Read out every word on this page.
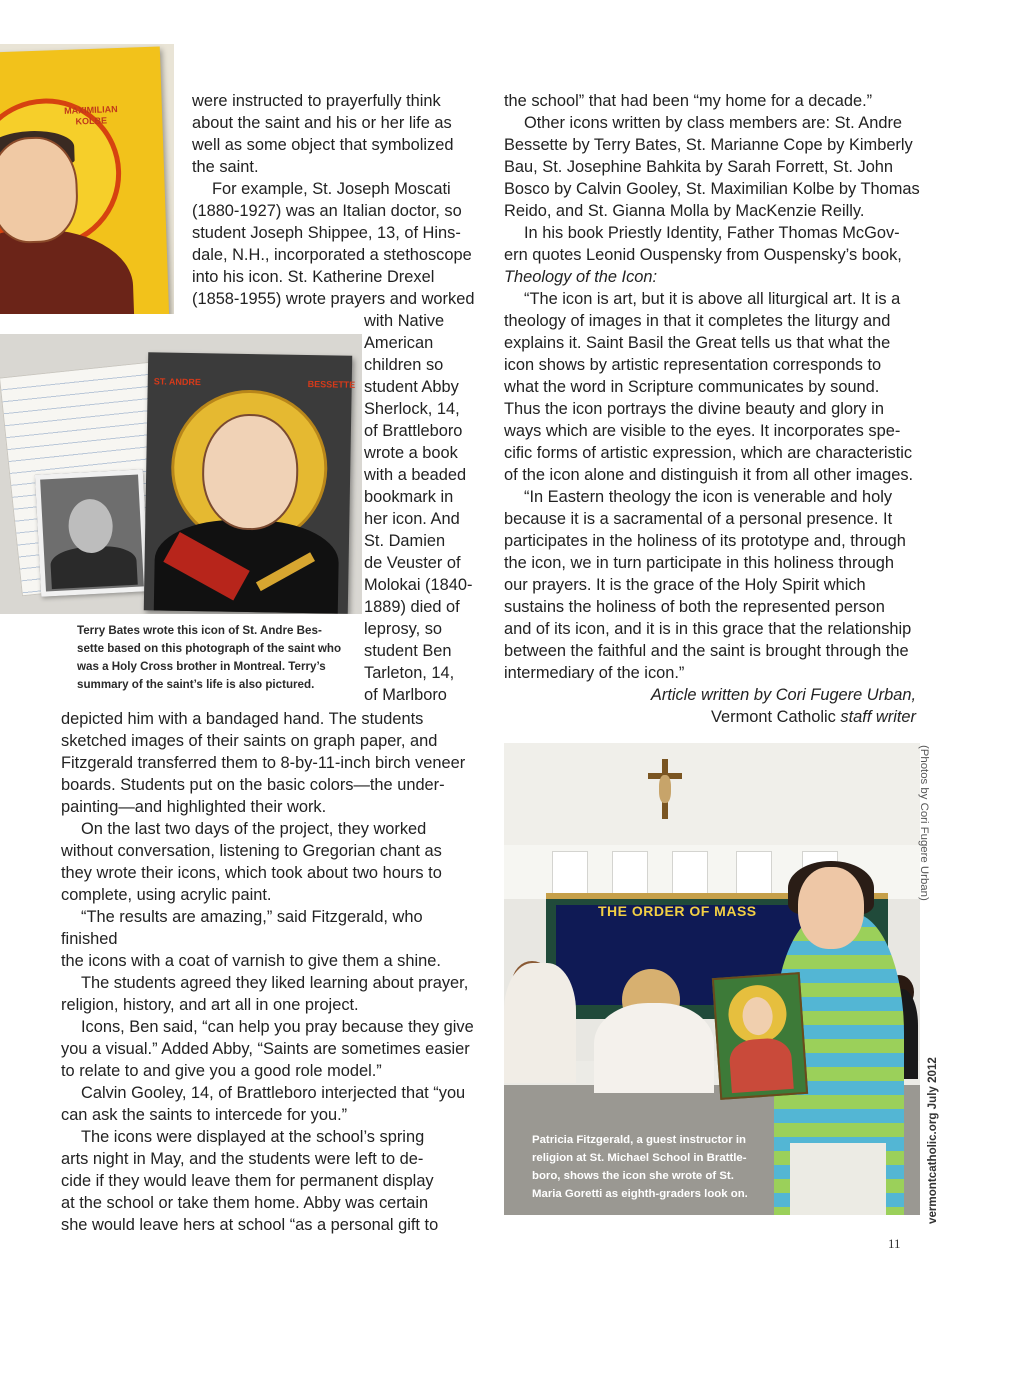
MAXIMILIAN KOLBE
ST. ANDRE	BESSETTE
Terry Bates wrote this icon of St. Andre Bes-
sette based on this photograph of the saint who
was a Holy Cross brother in Montreal. Terry’s
summary of the saint’s life is also pictured.
THE ORDER OF MASS
Patricia Fitzgerald, a guest instructor in
religion at St. Michael School in Brattle-
boro, shows the icon she wrote of St.
Maria Goretti as eighth-graders look on.

were instructed to prayerfully think
about the saint and his or her life as
well as some object that symbolized
the saint.

For example, St. Joseph Moscati

(1880-1927) was an Italian doctor, so
student Joseph Shippee, 13, of Hins-
dale, N.H., incorporated a stethoscope
into his icon. St. Katherine Drexel
(1858-1955) wrote prayers and worked

with Native
American
children so
student Abby
Sherlock, 14,
of Brattleboro
wrote a book
with a beaded
bookmark in
her icon. And
St. Damien
de Veuster of
Molokai (1840-
1889) died of
leprosy, so
student Ben
Tarleton, 14,
of Marlboro

depicted him with a bandaged hand. The students
sketched images of their saints on graph paper, and
Fitzgerald transferred them to 8-by-11-inch birch veneer
boards. Students put on the basic colors—the under-
painting—and highlighted their work.

On the last two days of the project, they worked
without conversation, listening to Gregorian chant as
they wrote their icons, which took about two hours to
complete, using acrylic paint.

“The results are amazing,” said Fitzgerald, who finished
the icons with a coat of varnish to give them a shine.

The students agreed they liked learning about prayer,
religion, history, and art all in one project.

Icons, Ben said, “can help you pray because they give
you a visual.” Added Abby, “Saints are sometimes easier
to relate to and give you a good role model.”

Calvin Gooley, 14, of Brattleboro interjected that “you
can ask the saints to intercede for you.”

The icons were displayed at the school’s spring
arts night in May, and the students were left to de-
cide if they would leave them for permanent display
at the school or take them home. Abby was certain
she would leave hers at school “as a personal gift to

the school” that had been “my home for a decade.”

Other icons written by class members are: St. Andre
Bessette by Terry Bates, St. Marianne Cope by Kimberly
Bau, St. Josephine Bahkita by Sarah Forrett, St. John
Bosco by Calvin Gooley, St. Maximilian Kolbe by Thomas
Reido, and St. Gianna Molla by MacKenzie Reilly.

In his book Priestly Identity, Father Thomas McGov-
ern quotes Leonid Ouspensky from Ouspensky’s book,
Theology of the Icon:

“The icon is art, but it is above all liturgical art. It is a
theology of images in that it completes the liturgy and
explains it. Saint Basil the Great tells us that what the
icon shows by artistic representation corresponds to
what the word in Scripture communicates by sound.
Thus the icon portrays the divine beauty and glory in
ways which are visible to the eyes. It incorporates spe-
cific forms of artistic expression, which are characteristic
of the icon alone and distinguish it from all other images.

“In Eastern theology the icon is venerable and holy
because it is a sacramental of a personal presence. It
participates in the holiness of its prototype and, through
the icon, we in turn participate in this holiness through
our prayers. It is the grace of the Holy Spirit which
sustains the holiness of both the represented person
and of its icon, and it is in this grace that the relationship
between the faithful and the saint is brought through the
intermediary of the icon.”

Article written by Cori Fugere Urban,
Vermont Catholic staff writer
(Photos by Cori Fugere Urban)
vermontcatholic.org July 2012
11
